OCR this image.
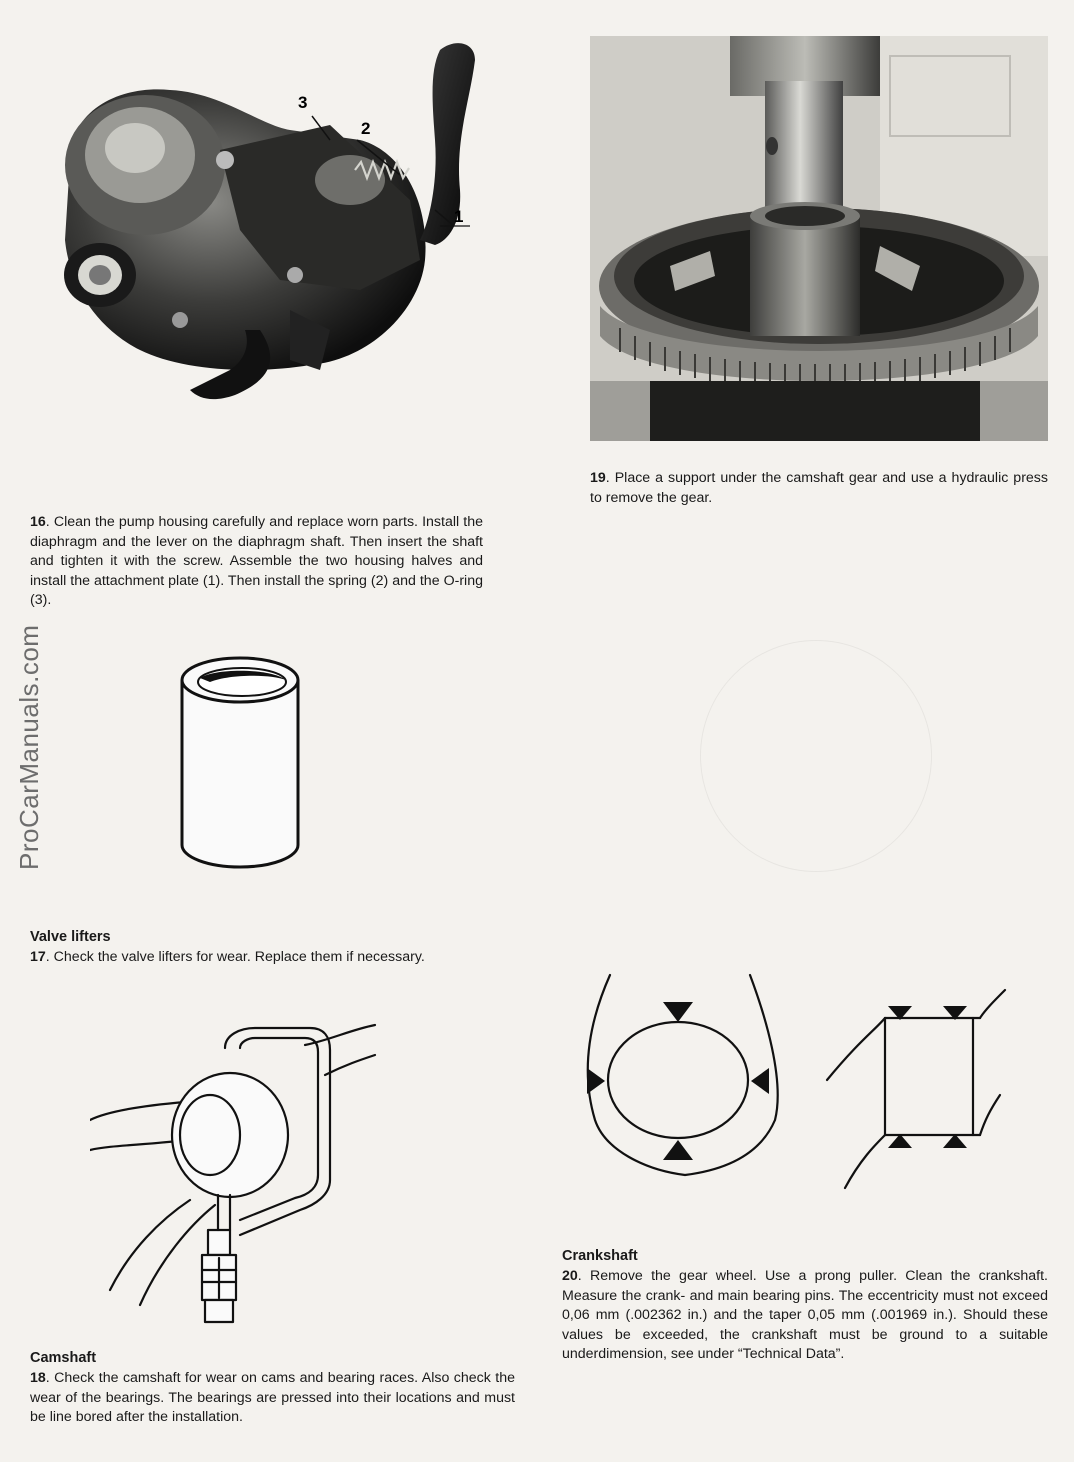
ProCarManuals.com
3
2
1
19. Place a support under the camshaft gear and use a hydraulic press to remove the gear.
16. Clean the pump housing carefully and replace worn parts. Install the diaphragm and the lever on the diaphragm shaft. Then insert the shaft and tighten it with the screw. Assemble the two housing halves and install the attachment plate (1). Then install the spring (2) and the O-ring (3).
Valve lifters
17. Check the valve lifters for wear. Replace them if necessary.
Camshaft
18. Check the camshaft for wear on cams and bearing races. Also check the wear of the bearings. The bearings are pressed into their locations and must be line bored after the installation.
Crankshaft
20. Remove the gear wheel. Use a prong puller. Clean the crankshaft. Measure the crank- and main bearing pins. The eccentricity must not exceed 0,06 mm (.002362 in.) and the taper 0,05 mm (.001969 in.). Should these values be exceeded, the crankshaft must be ground to a suitable underdimension, see under “Technical Data”.
